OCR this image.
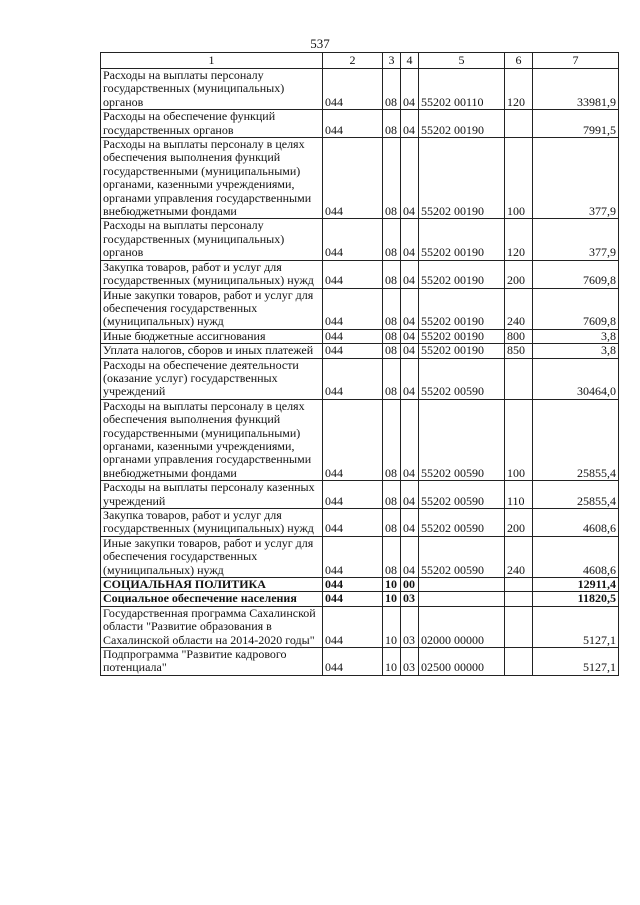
537
1	2	3	4	5	6	7
Расходы на выплаты персоналу государственных (муниципальных) органов	044	08	04	55202 00110	120	33981,9
Расходы на обеспечение функций государственных органов	044	08	04	55202 00190		7991,5
Расходы на выплаты персоналу в целях обеспечения выполнения функций государственными (муниципальными) органами, казенными учреждениями, органами управления государственными внебюджетными фондами	044	08	04	55202 00190	100	377,9
Расходы на выплаты персоналу государственных (муниципальных) органов	044	08	04	55202 00190	120	377,9
Закупка товаров, работ и услуг для государственных (муниципальных) нужд	044	08	04	55202 00190	200	7609,8
Иные закупки товаров, работ и услуг для обеспечения государственных (муниципальных) нужд	044	08	04	55202 00190	240	7609,8
Иные бюджетные ассигнования	044	08	04	55202 00190	800	3,8
Уплата налогов, сборов и иных платежей	044	08	04	55202 00190	850	3,8
Расходы на обеспечение деятельности (оказание услуг) государственных учреждений	044	08	04	55202 00590		30464,0
Расходы на выплаты персоналу в целях обеспечения выполнения функций государственными (муниципальными) органами, казенными учреждениями, органами управления государственными внебюджетными фондами	044	08	04	55202 00590	100	25855,4
Расходы на выплаты персоналу казенных учреждений	044	08	04	55202 00590	110	25855,4
Закупка товаров, работ и услуг для государственных (муниципальных) нужд	044	08	04	55202 00590	200	4608,6
Иные закупки товаров, работ и услуг для обеспечения государственных (муниципальных) нужд	044	08	04	55202 00590	240	4608,6
СОЦИАЛЬНАЯ ПОЛИТИКА	044	10	00			12911,4
Социальное обеспечение населения	044	10	03			11820,5
Государственная программа Сахалинской области "Развитие образования в Сахалинской области на 2014-2020 годы"	044	10	03	02000 00000		5127,1
Подпрограмма "Развитие кадрового потенциала"	044	10	03	02500 00000		5127,1
